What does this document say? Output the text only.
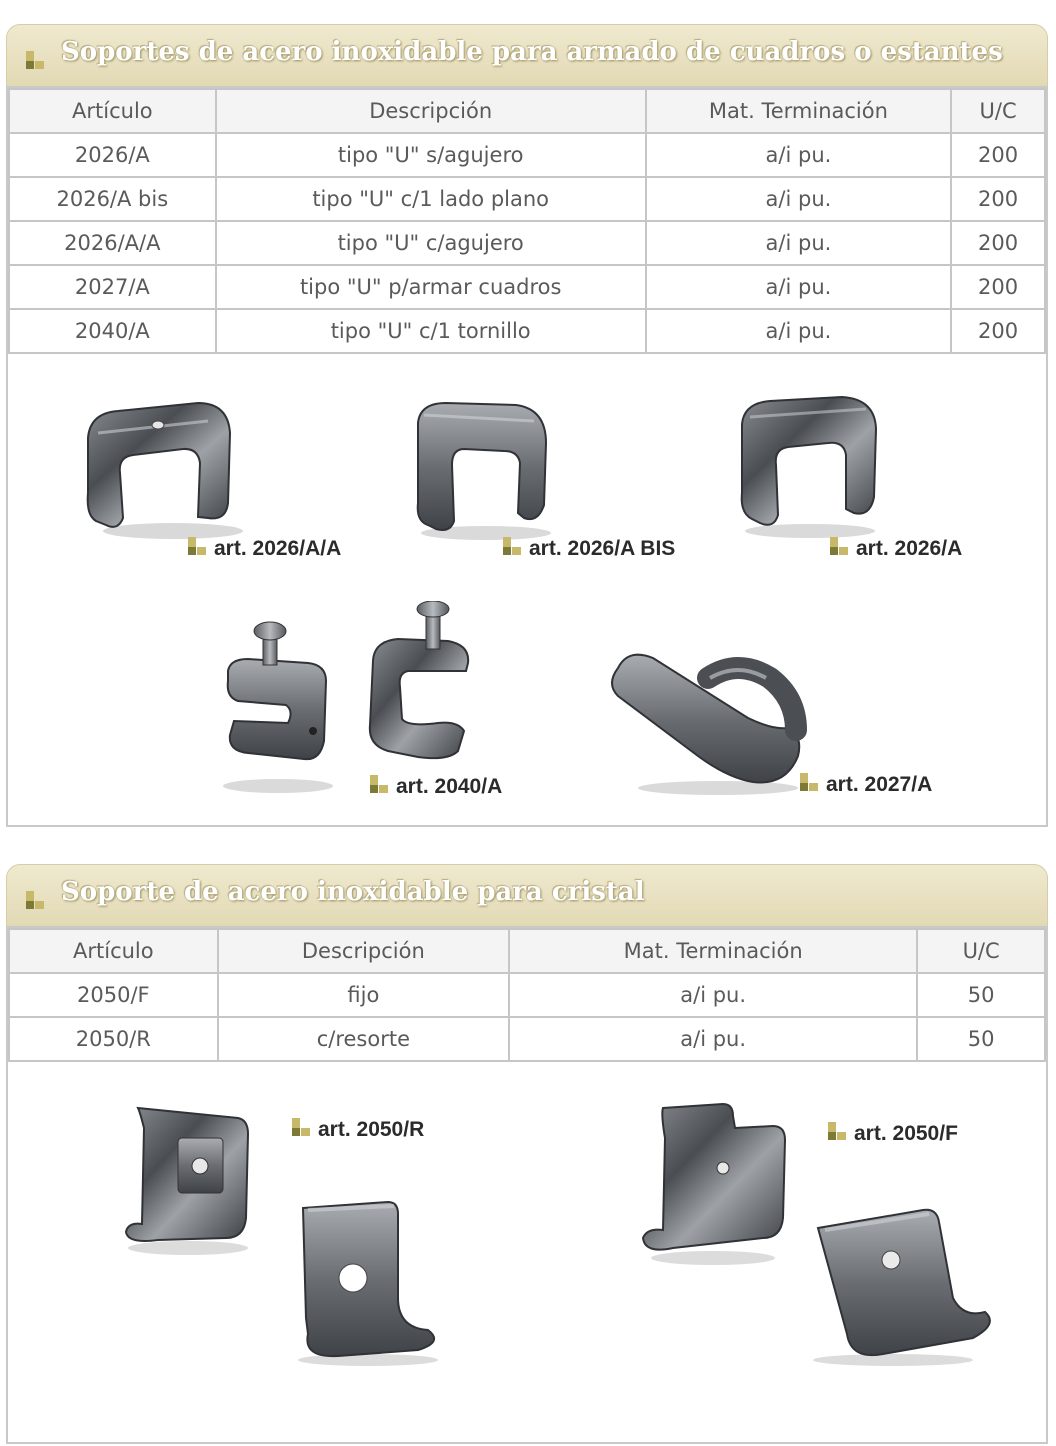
Soportes de acero inoxidable para armado de cuadros o estantes
Artículo	Descripción	Mat. Terminación	U/C
2026/A	tipo "U" s/agujero	a/i pu.	200
2026/A bis	tipo "U" c/1 lado plano	a/i pu.	200
2026/A/A	tipo "U" c/agujero	a/i pu.	200
2027/A	tipo "U" p/armar cuadros	a/i pu.	200
2040/A	tipo "U" c/1 tornillo	a/i pu.	200
art. 2026/A/A	art. 2026/A BIS	art. 2026/A
art. 2040/A	art. 2027/A
Soporte de acero inoxidable para cristal
Artículo	Descripción	Mat. Terminación	U/C
2050/F	fijo	a/i pu.	50
2050/R	c/resorte	a/i pu.	50
art. 2050/R	art. 2050/F
